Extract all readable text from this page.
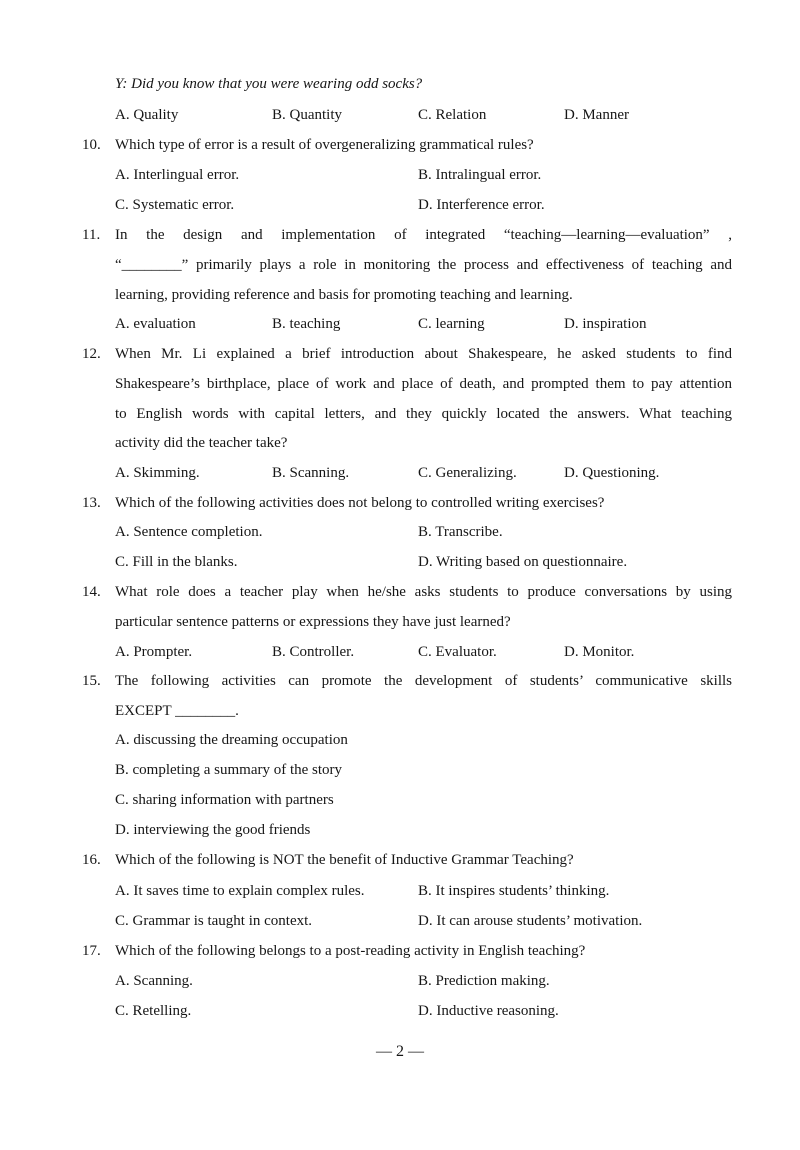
Y: Did you know that you were wearing odd socks?
A. Quality	B. Quantity	C. Relation	D. Manner
10. Which type of error is a result of overgeneralizing grammatical rules?
A. Interlingual error.	B. Intralingual error.
C. Systematic error.	D. Interference error.
11. In the design and implementation of integrated “teaching—learning—evaluation” ,
“________” primarily plays a role in monitoring the process and effectiveness of teaching and
learning, providing reference and basis for promoting teaching and learning.
A. evaluation	B. teaching	C. learning	D. inspiration
12. When Mr. Li explained a brief introduction about Shakespeare, he asked students to find
Shakespeare’s birthplace, place of work and place of death, and prompted them to pay attention
to English words with capital letters, and they quickly located the answers. What teaching
activity did the teacher take?
A. Skimming.	B. Scanning.	C. Generalizing.	D. Questioning.
13. Which of the following activities does not belong to controlled writing exercises?
A. Sentence completion.	B. Transcribe.
C. Fill in the blanks.	D. Writing based on questionnaire.
14. What role does a teacher play when he/she asks students to produce conversations by using
particular sentence patterns or expressions they have just learned?
A. Prompter.	B. Controller.	C. Evaluator.	D. Monitor.
15. The following activities can promote the development of students’ communicative skills
EXCEPT ________.
A. discussing the dreaming occupation
B. completing a summary of the story
C. sharing information with partners
D. interviewing the good friends
16. Which of the following is NOT the benefit of Inductive Grammar Teaching?
A. It saves time to explain complex rules.	B. It inspires students’ thinking.
C. Grammar is taught in context.	D. It can arouse students’ motivation.
17. Which of the following belongs to a post-reading activity in English teaching?
A. Scanning.	B. Prediction making.
C. Retelling.	D. Inductive reasoning.
— 2 —
